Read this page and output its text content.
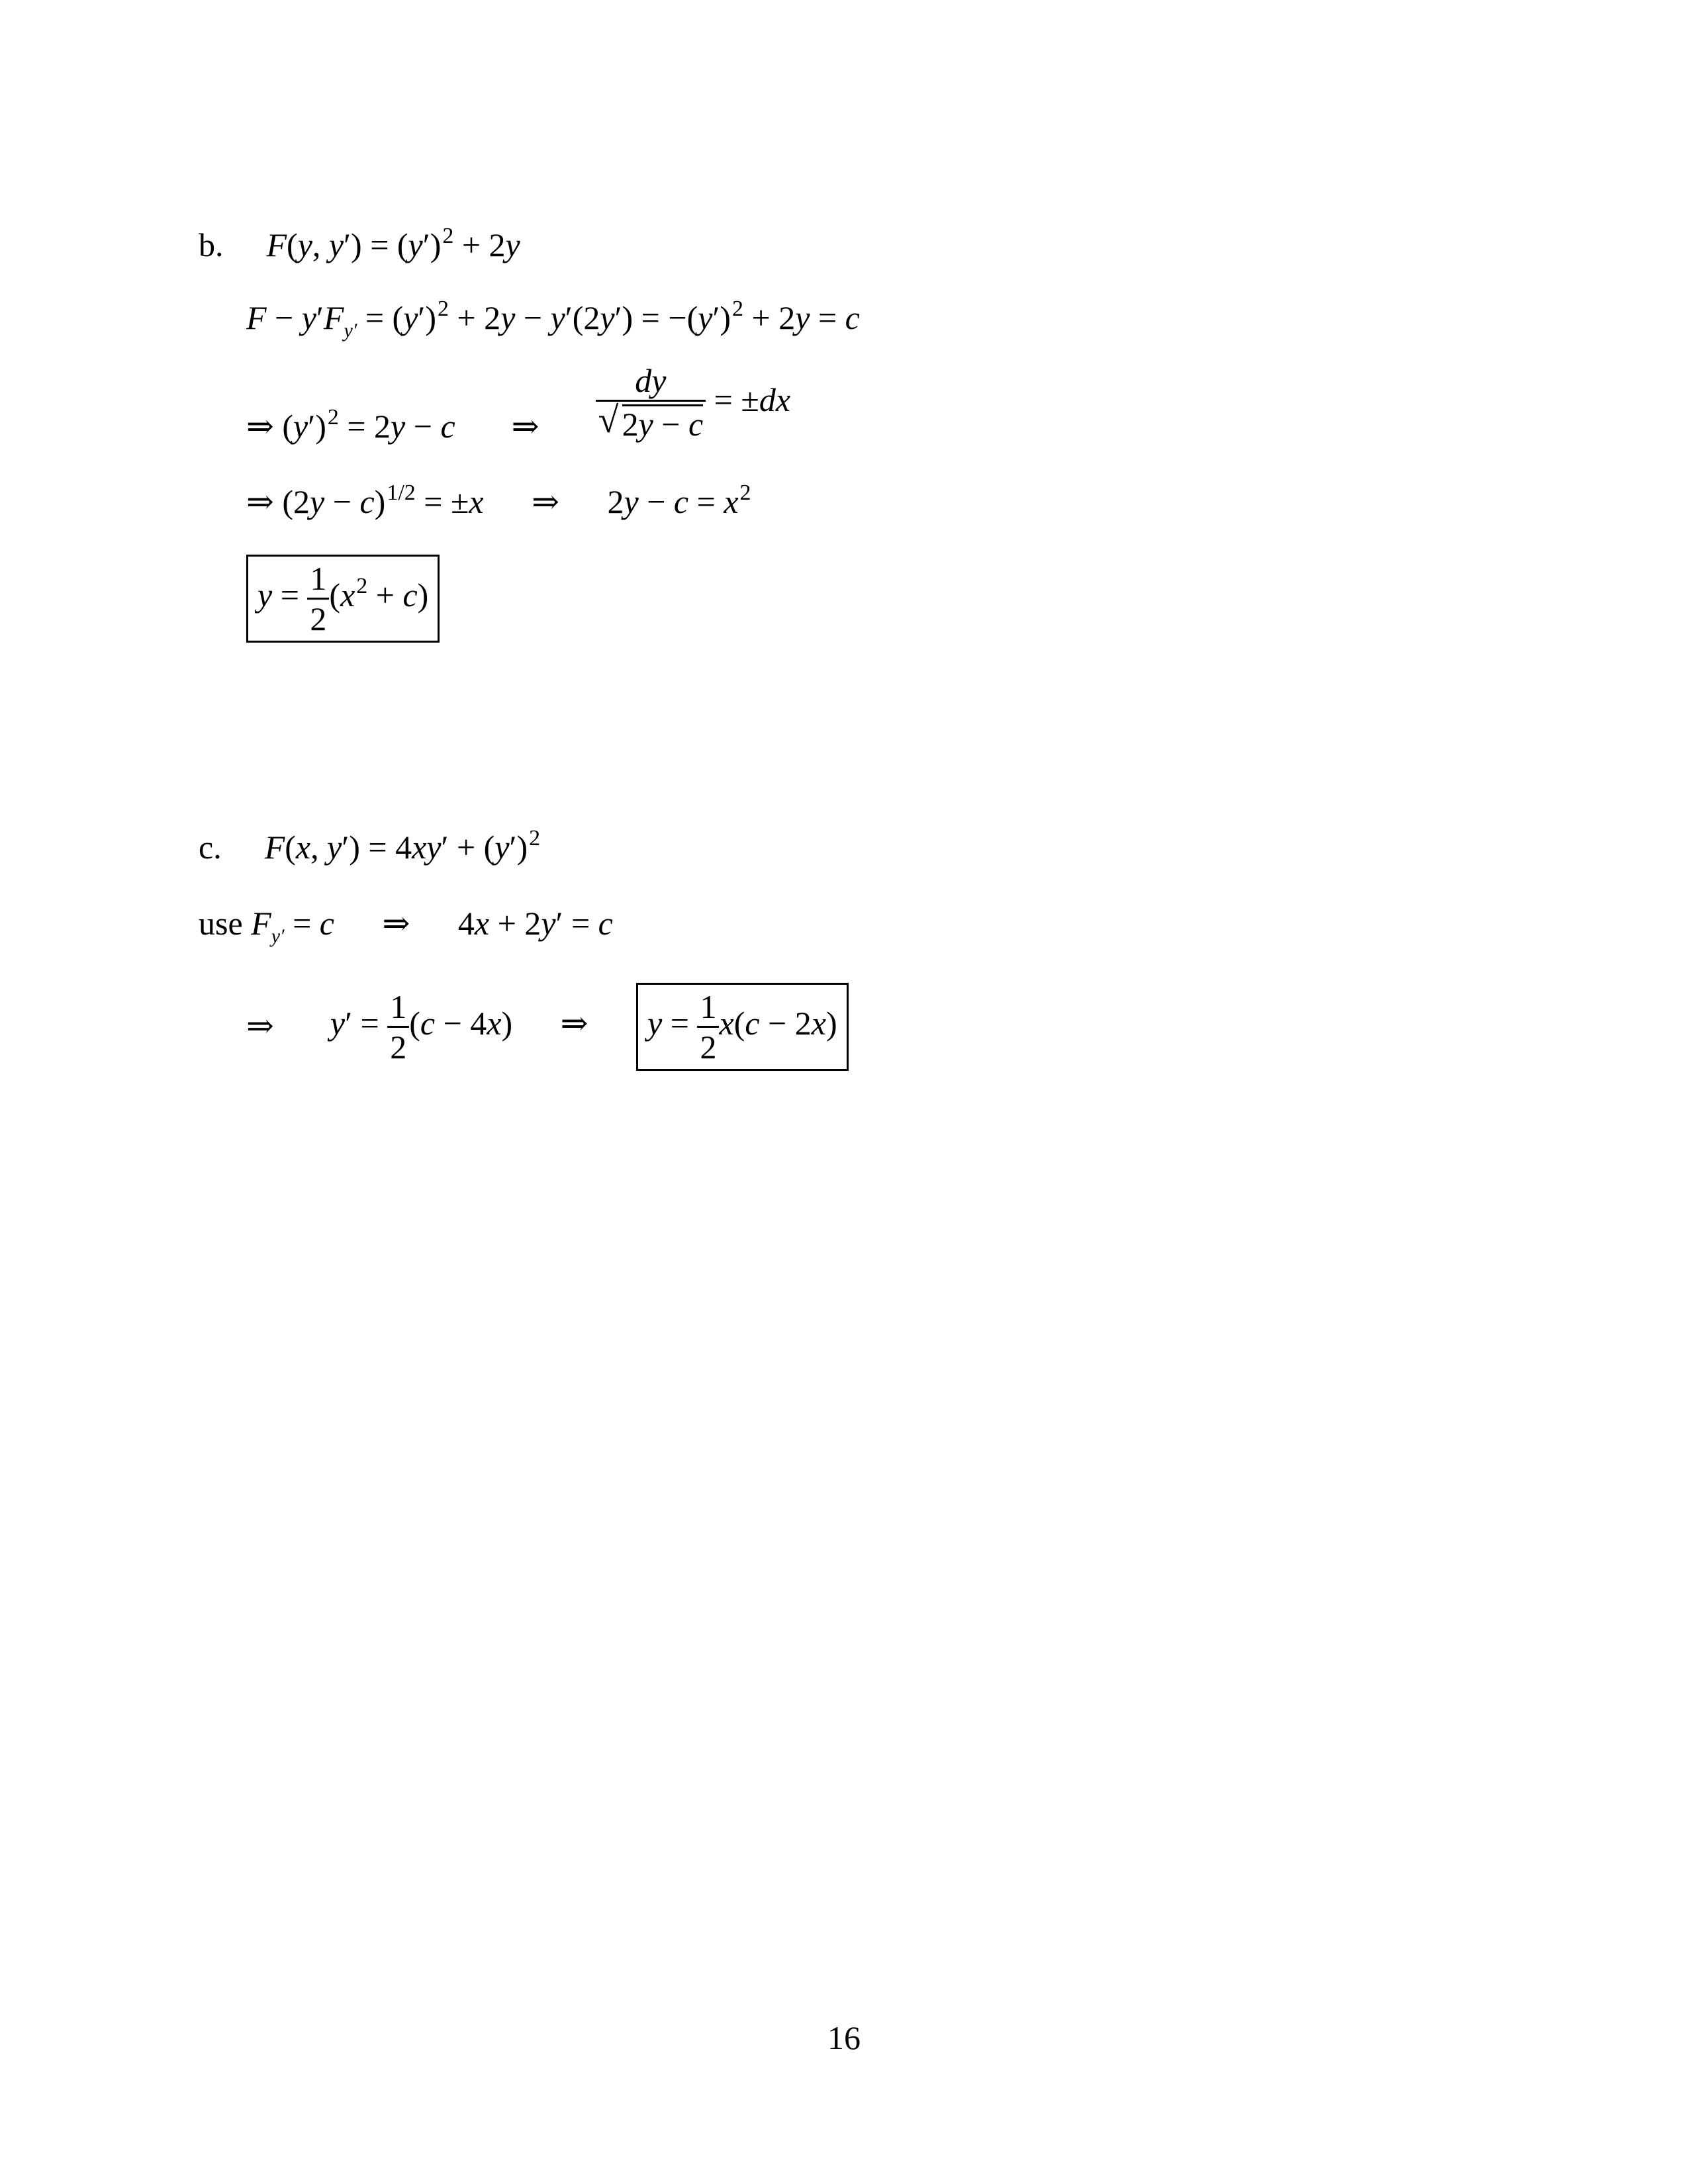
b. F(y, $y') = (y')^2 + 2y$
$F - y'F_{y'} = (y')^2 + 2y - y'(2y') = -(y')^2 + 2y = c$
⇒ $(y')^2 = 2y - c$ ⇒ $\frac{dy}{√ 2y - c} = \pm dx$
⇒ $(2y - c)^{1/2} = \pm x$ ⇒ $2y - c = x^2$
$y = \frac{1}{2} (x^2 + c)$
c. F(x, $y') = 4xy' + (y')^2$
use $F_{y'} = c$ ⇒ 4x + 2y′ = c
⇒ $y' = \frac{1}{2} (c - 4x)$ ⇒ $y = \frac{1}{2} x(c - 2x)$
16
